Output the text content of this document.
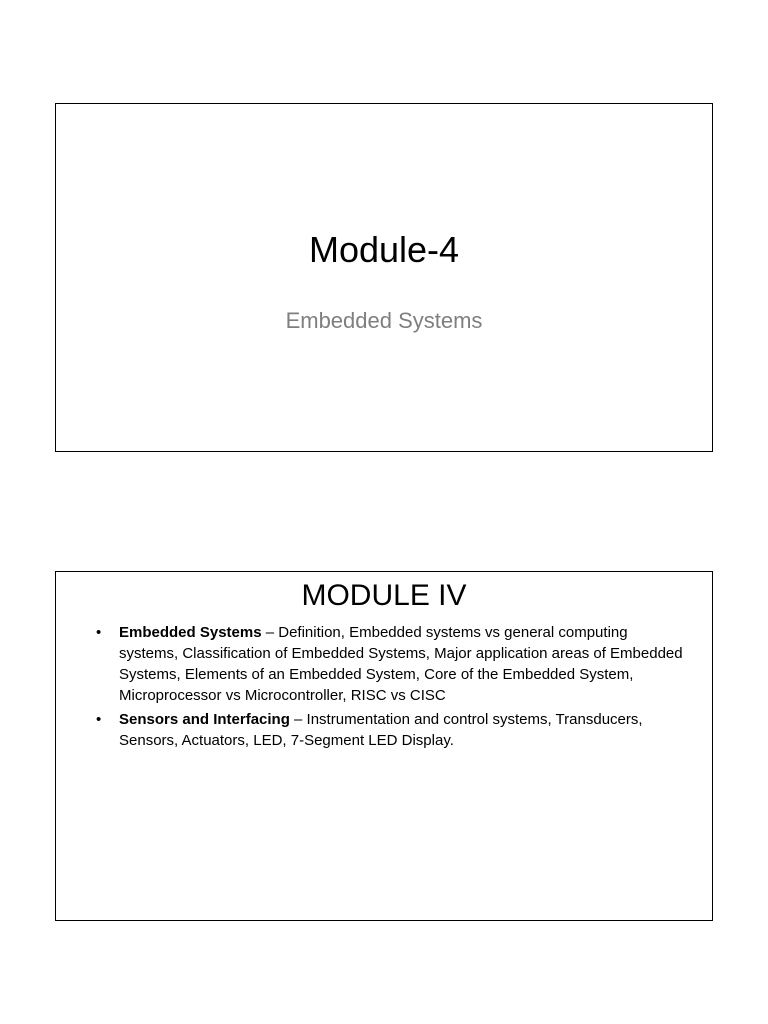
Module-4
Embedded Systems
MODULE IV
• Embedded Systems – Definition, Embedded systems vs general computing systems, Classification of Embedded Systems, Major application areas of Embedded Systems, Elements of an Embedded System, Core of the Embedded System, Microprocessor vs Microcontroller, RISC vs CISC
• Sensors and Interfacing – Instrumentation and control systems, Transducers, Sensors, Actuators, LED, 7-Segment LED Display.
